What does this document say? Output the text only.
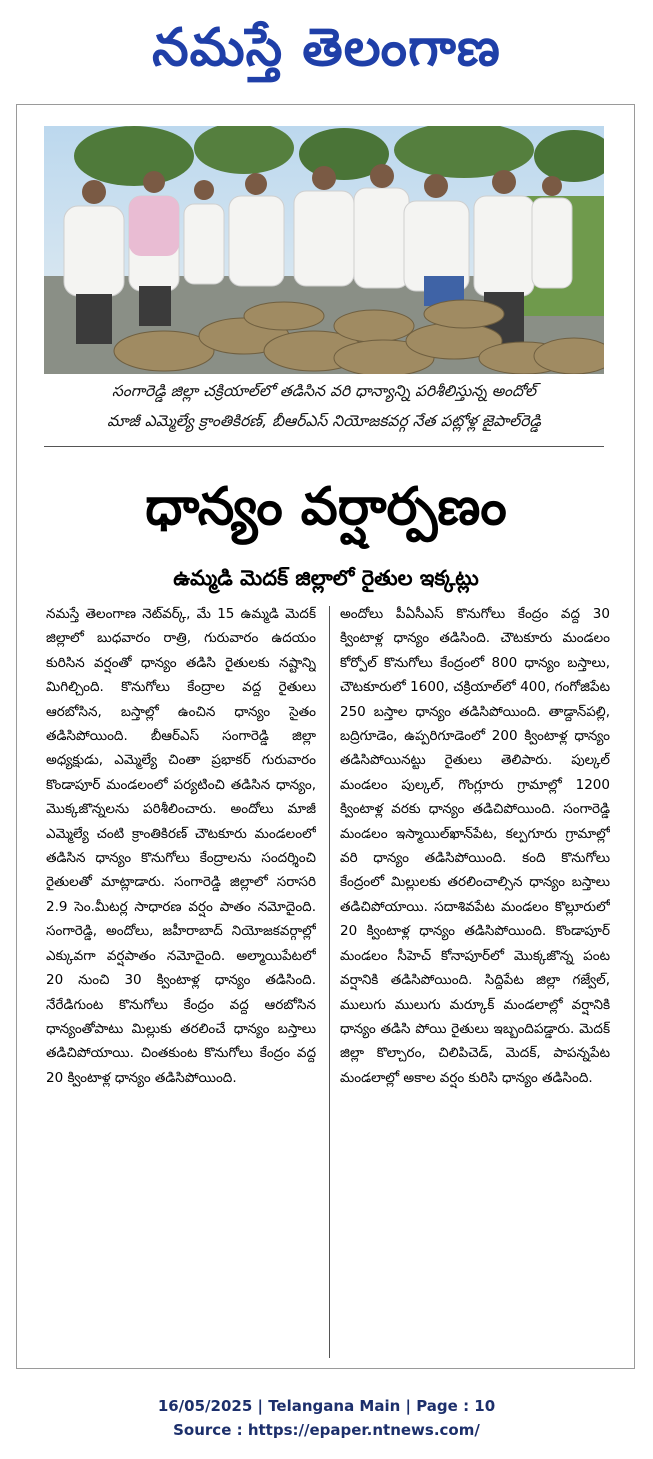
నమస్తే తెలంగాణ
సంగారెడ్డి జిల్లా చక్రియాల్‌లో తడిసిన వరి ధాన్యాన్ని పరిశీలిస్తున్న అందోల్
మాజీ ఎమ్మెల్యే క్రాంతికిరణ్, బీఆర్‌ఎస్ నియోజకవర్గ నేత పట్లోళ్ల జైపాల్‌రెడ్డి
ధాన్యం వర్షార్పణం
ఉమ్మడి మెదక్ జిల్లాలో రైతుల ఇక్కట్లు
నమస్తే తెలంగాణ నెట్‌వర్క్, మే 15 ఉమ్మడి మెదక్ జిల్లాలో బుధవారం రాత్రి, గురువారం ఉదయం కురిసిన వర్షంతో ధాన్యం తడిసి రైతులకు నష్టాన్ని మిగిల్చింది. కొనుగోలు కేంద్రాల వద్ద రైతులు ఆరబోసిన, బస్తాల్లో ఉంచిన ధాన్యం సైతం తడిసిపోయింది. బీఆర్‌ఎస్ సంగారెడ్డి జిల్లా అధ్యక్షుడు, ఎమ్మెల్యే చింతా ప్రభాకర్ గురువారం కొండాపూర్ మండలంలో పర్యటించి తడిసిన ధాన్యం, మొక్కజొన్నలను పరిశీలించారు. అందోలు మాజీ ఎమ్మెల్యే చంటి క్రాంతికిరణ్ చౌటకూరు మండలంలో తడిసిన ధాన్యం కొనుగోలు కేంద్రాలను సందర్శించి రైతులతో మాట్లాడారు. సంగారెడ్డి జిల్లాలో సరాసరి 2.9 సెం.మీటర్ల సాధారణ వర్షం పాతం నమోదైంది. సంగారెడ్డి, అందోలు, జహీరాబాద్ నియోజకవర్గాల్లో ఎక్కువగా వర్షపాతం నమోదైంది. అల్మాయిపేటలో 20 నుంచి 30 క్వింటాళ్ల ధాన్యం తడిసింది. నేరేడిగుంట కొనుగోలు కేంద్రం వద్ద ఆరబోసిన ధాన్యంతోపాటు మిల్లుకు తరలించే ధాన్యం బస్తాలు తడిచిపోయాయి. చింతకుంట కొనుగోలు కేంద్రం వద్ద 20 క్వింటాళ్ల ధాన్యం తడిసిపోయింది.
అందోలు పీఏసీఎస్ కొనుగోలు కేంద్రం వద్ద 30 క్వింటాళ్ల ధాన్యం తడిసింది. చౌటకూరు మండలం కోర్పోల్ కొనుగోలు కేంద్రంలో 800 ధాన్యం బస్తాలు, చౌటకూరులో 1600, చక్రియాల్‌లో 400, గంగోజిపేట 250 బస్తాల ధాన్యం తడిసిపోయింది. తాడ్దాన్‌పల్లి, బద్రిగూడెం, ఉప్పరిగూడెంలో 200 క్వింటాళ్ల ధాన్యం తడిసిపోయినట్టు రైతులు తెలిపారు. పుల్కల్ మండలం పుల్కల్, గొంగ్లూరు గ్రామాల్లో 1200 క్వింటాళ్ల వరకు ధాన్యం తడిచిపోయింది. సంగారెడ్డి మండలం ఇస్మాయిల్‌ఖాన్‌పేట, కల్పగూరు గ్రామాల్లో వరి ధాన్యం తడిసిపోయింది. కంది కొనుగోలు కేంద్రంలో మిల్లులకు తరలించాల్సిన ధాన్యం బస్తాలు తడిచిపోయాయి. సదాశివపేట మండలం కొల్లూరులో 20 క్వింటాళ్ల ధాన్యం తడిసిపోయింది. కొండాపూర్ మండలం సీహెచ్ కోనాపూర్‌లో మొక్కజొన్న పంట వర్షానికి తడిసిపోయింది. సిద్దిపేట జిల్లా గజ్వేల్, ములుగు ములుగు మర్కూక్ మండలాల్లో వర్షానికి ధాన్యం తడిసి పోయి రైతులు ఇబ్బందిపడ్డారు. మెదక్ జిల్లా కొల్చారం, చిలిపిచెడ్, మెదక్, పాపన్నపేట మండలాల్లో అకాల వర్షం కురిసి ధాన్యం తడిసింది.
16/05/2025 | Telangana Main | Page : 10
Source : https://epaper.ntnews.com/
